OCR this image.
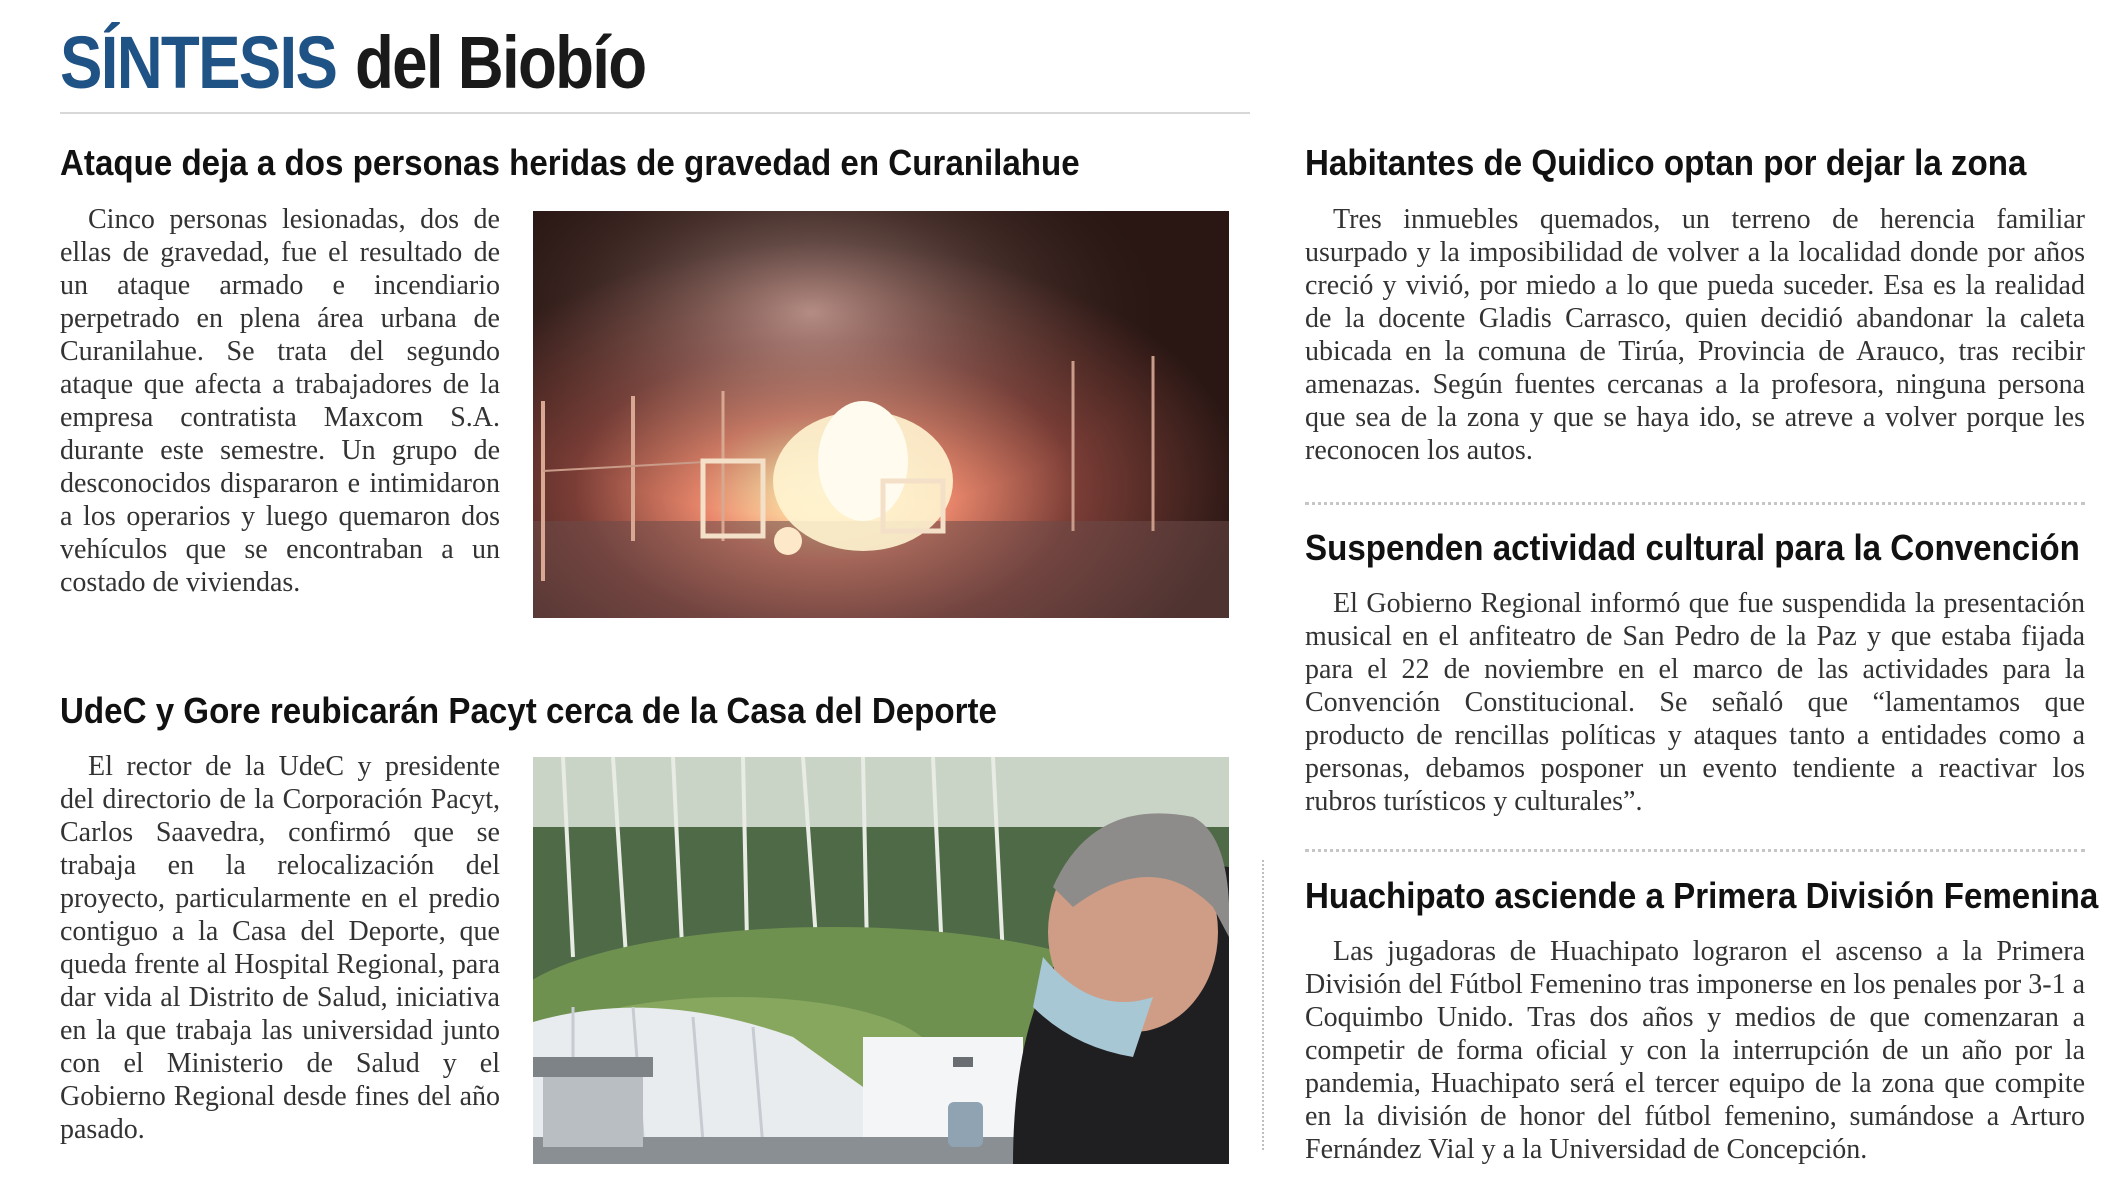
SÍNTESIS del Biobío
Ataque deja a dos personas heridas de gravedad en Curanilahue

Cinco personas lesionadas, dos de ellas de gravedad, fue el resultado de un ataque armado e incendiario perpetrado en plena área urbana de Curanilahue. Se trata del segundo ataque que afecta a trabajadores de la empresa contratista Maxcom S.A. durante este semestre. Un grupo de desconocidos dispararon e intimidaron a los operarios y luego quemaron dos vehículos que se encontraban a un costado de viviendas.

UdeC y Gore reubicarán Pacyt cerca de la Casa del Deporte

El rector de la UdeC y presidente del directorio de la Corporación Pacyt, Carlos Saavedra, confirmó que se trabaja en la relocalización del proyecto, particularmente en el predio contiguo a la Casa del Deporte, que queda frente al Hospital Regional, para dar vida al Distrito de Salud, iniciativa en la que trabaja las universidad junto con el Ministerio de Salud y el Gobierno Regional desde fines del año pasado.

Habitantes de Quidico optan por dejar la zona

Tres inmuebles quemados, un terreno de herencia familiar usurpado y la imposibilidad de volver a la localidad donde por años creció y vivió, por miedo a lo que pueda suceder. Esa es la realidad de la docente Gladis Carrasco, quien decidió abandonar la caleta ubicada en la comuna de Tirúa, Provincia de Arauco, tras recibir amenazas. Según fuentes cercanas a la profesora, ninguna persona que sea de la zona y que se haya ido, se atreve a volver porque les reconocen los autos.

Suspenden actividad cultural para la Convención

El Gobierno Regional informó que fue suspendida la presentación musical en el anfiteatro de San Pedro de la Paz y que estaba fijada para el 22 de noviembre en el marco de las actividades para la Convención Constitucional. Se señaló que “lamentamos que producto de rencillas políticas y ataques tanto a entidades como a personas, debamos posponer un evento tendiente a reactivar los rubros turísticos y culturales”.

Huachipato asciende a Primera División Femenina

Las jugadoras de Huachipato lograron el ascenso a la Primera División del Fútbol Femenino tras imponerse en los penales por 3-1 a Coquimbo Unido. Tras dos años y medios de que comenzaran a competir de forma oficial y con la interrupción de un año por la pandemia, Huachipato será el tercer equipo de la zona que compite en la división de honor del fútbol femenino, sumándose a Arturo Fernández Vial y a la Universidad de Concepción.
